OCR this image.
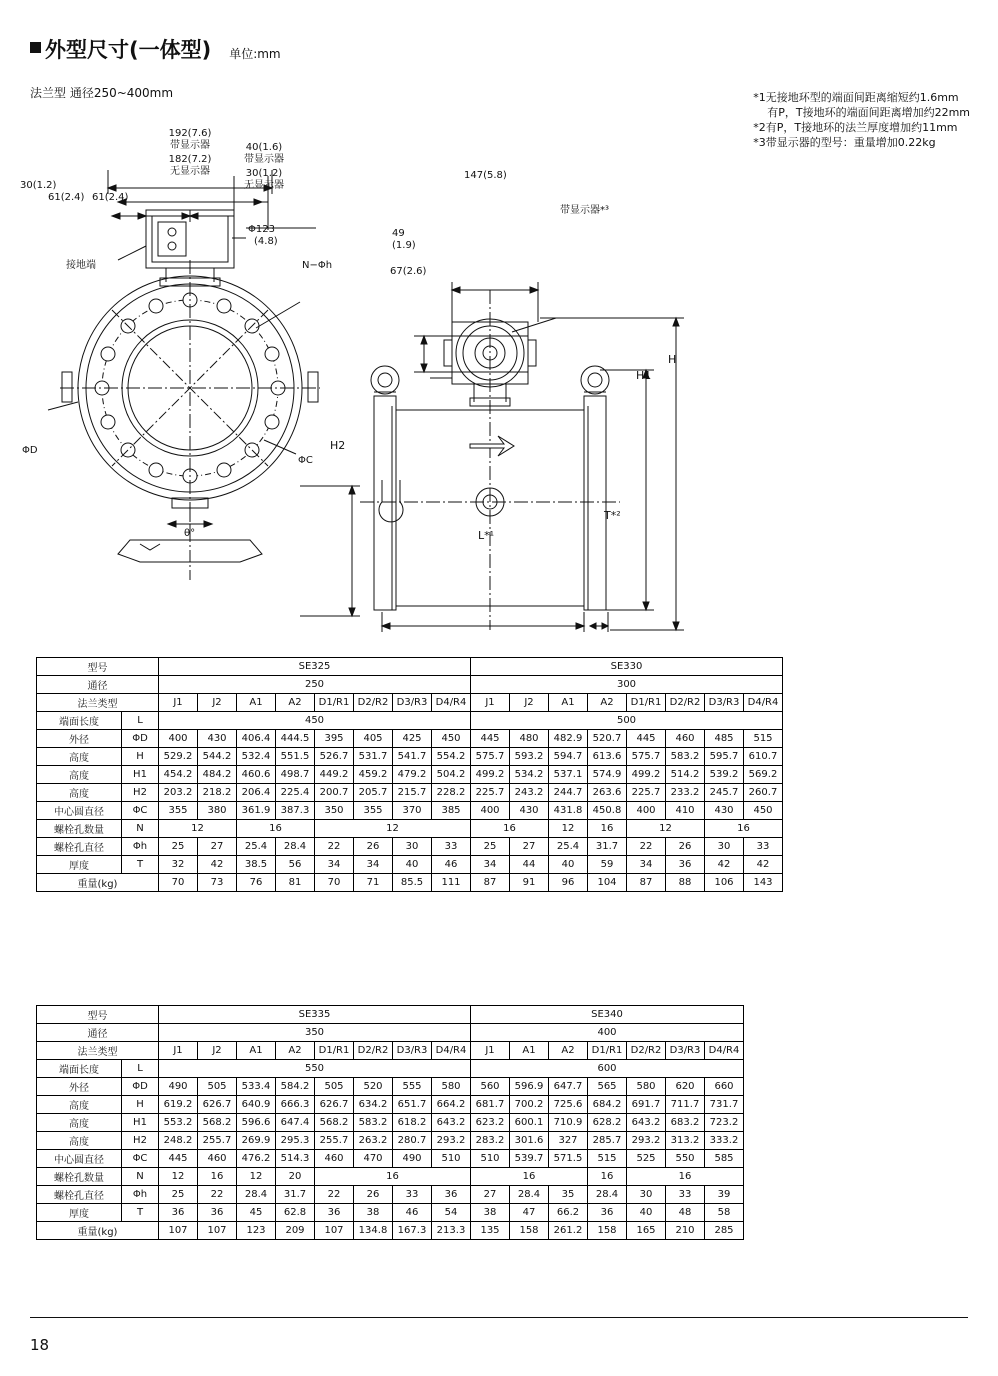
外型尺寸(一体型) 单位:mm
法兰型 通径250~400mm	*1无接地环型的端面间距离缩短约1.6mm
有P，T接地环的端面间距离增加约22mm
*2有P，T接地环的法兰厚度增加约11mm
*3带显示器的型号：重量增加0.22kg
192(7.6)
带显示器
182(7.2)
无显示器
40(1.6)
带显示器
30(1.2)
无显示器
30(1.2)
61(2.4) 61(2.4)
Φ123
(4.8)
接地端	N−Φh
ΦD
ΦC
θ°
H2
147(5.8)
带显示器*³
49
(1.9)
67(2.6)
H
H1
L*¹
T*²
型号		SE325								SE330							
通径		250								300							
法兰类型		J1	J2	A1	A2	D1/R1	D2/R2	D3/R3	D4/R4	J1	J2	A1	A2	D1/R1	D2/R2	D3/R3	D4/R4
端面长度	L	450								500							
外径	ΦD	400	430	406.4	444.5	395	405	425	450	445	480	482.9	520.7	445	460	485	515
高度	H	529.2	544.2	532.4	551.5	526.7	531.7	541.7	554.2	575.7	593.2	594.7	613.6	575.7	583.2	595.7	610.7
高度	H1	454.2	484.2	460.6	498.7	449.2	459.2	479.2	504.2	499.2	534.2	537.1	574.9	499.2	514.2	539.2	569.2
高度	H2	203.2	218.2	206.4	225.4	200.7	205.7	215.7	228.2	225.7	243.2	244.7	263.6	225.7	233.2	245.7	260.7
中心圆直径	ΦC	355	380	361.9	387.3	350	355	370	385	400	430	431.8	450.8	400	410	430	450
螺栓孔数量	N	12		16		12				16		12	16	12		16	
螺栓孔直径	Φh	25	27	25.4	28.4	22	26	30	33	25	27	25.4	31.7	22	26	30	33
厚度	T	32	42	38.5	56	34	34	40	46	34	44	40	59	34	36	42	42
重量(kg)		70	73	76	81	70	71	85.5	111	87	91	96	104	87	88	106	143
型号		SE335								SE340						
通径		350								400						
法兰类型		J1	J2	A1	A2	D1/R1	D2/R2	D3/R3	D4/R4	J1	A1	A2	D1/R1	D2/R2	D3/R3	D4/R4
端面长度	L	550								600						
外径	ΦD	490	505	533.4	584.2	505	520	555	580	560	596.9	647.7	565	580	620	660
高度	H	619.2	626.7	640.9	666.3	626.7	634.2	651.7	664.2	681.7	700.2	725.6	684.2	691.7	711.7	731.7
高度	H1	553.2	568.2	596.6	647.4	568.2	583.2	618.2	643.2	623.2	600.1	710.9	628.2	643.2	683.2	723.2
高度	H2	248.2	255.7	269.9	295.3	255.7	263.2	280.7	293.2	283.2	301.6	327	285.7	293.2	313.2	333.2
中心圆直径	ΦC	445	460	476.2	514.3	460	470	490	510	510	539.7	571.5	515	525	550	585
螺栓孔数量	N	12	16	12	20	16				16			16	16		
螺栓孔直径	Φh	25	22	28.4	31.7	22	26	33	36	27	28.4	35	28.4	30	33	39
厚度	T	36	36	45	62.8	36	38	46	54	38	47	66.2	36	40	48	58
重量(kg)		107	107	123	209	107	134.8	167.3	213.3	135	158	261.2	158	165	210	285
18
